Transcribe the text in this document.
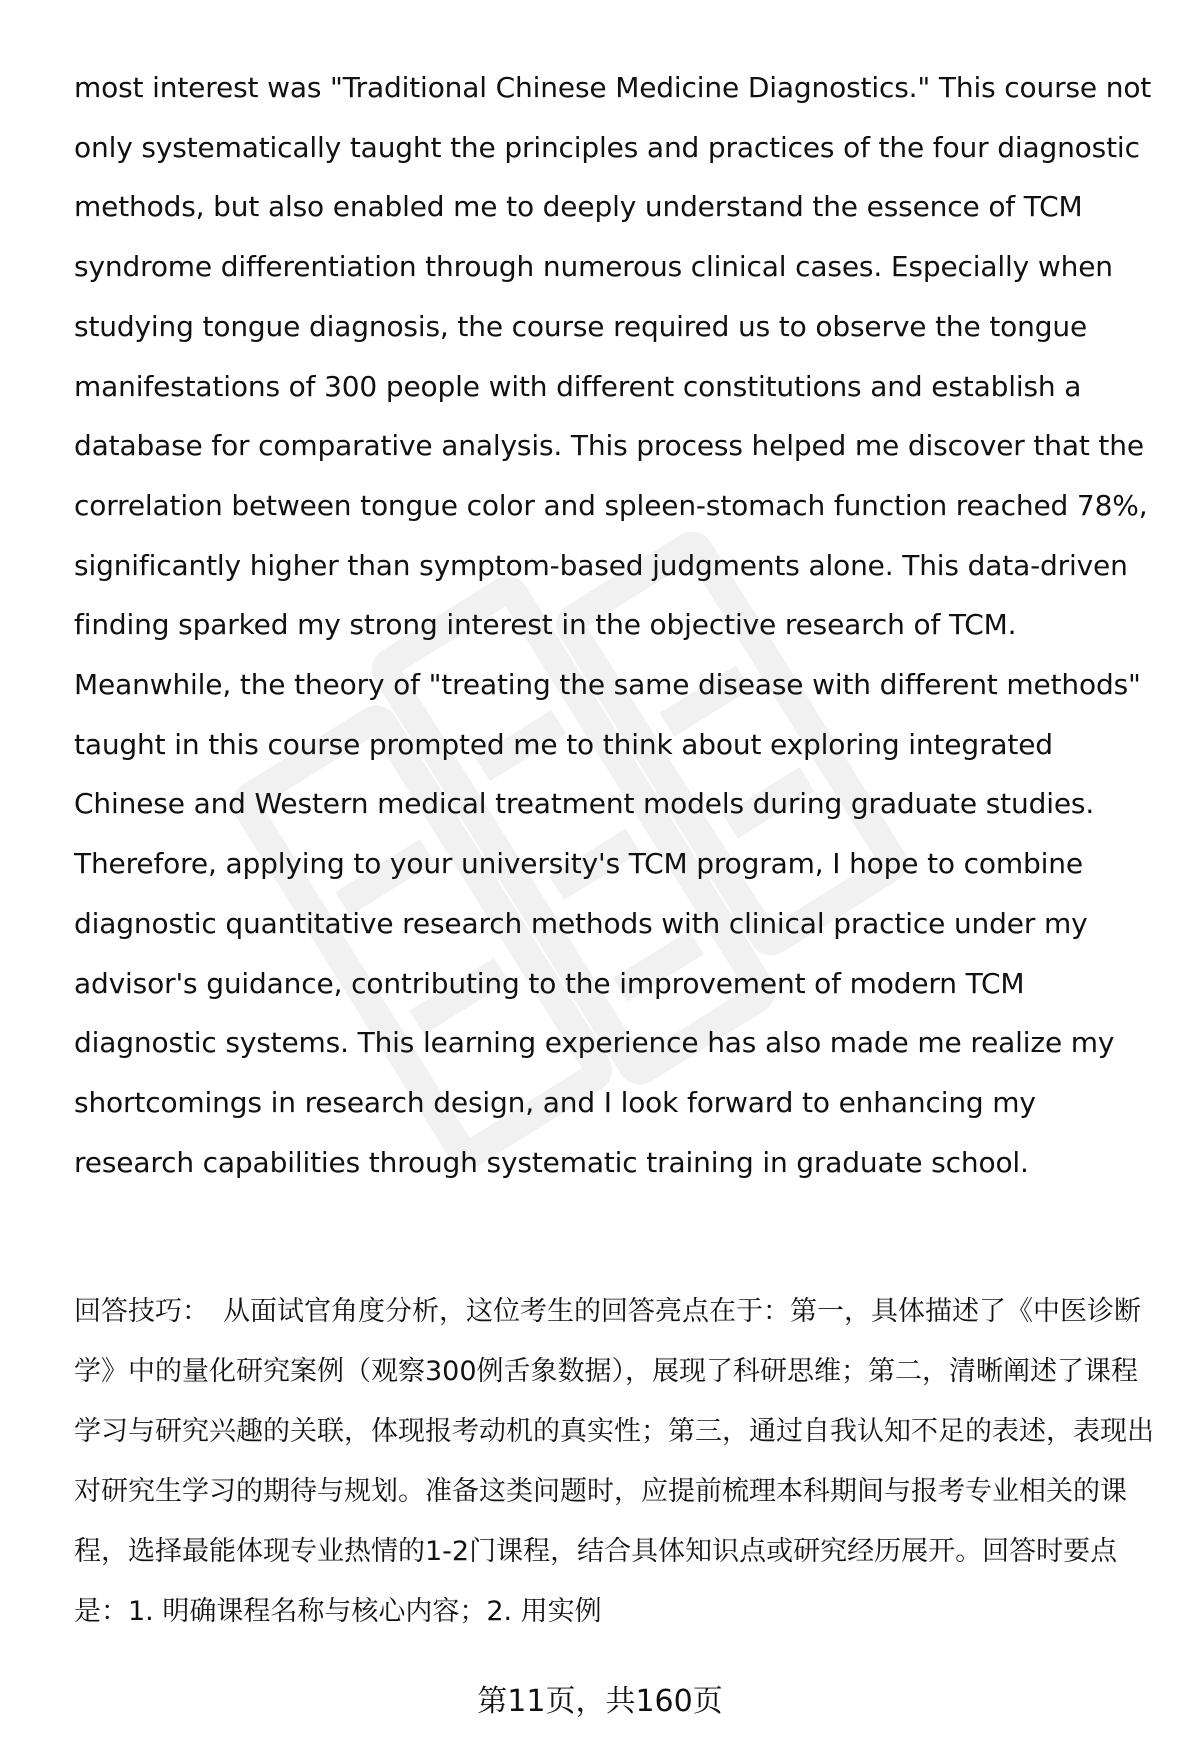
most interest was "Traditional Chinese Medicine Diagnostics." This course not only systematically taught the principles and practices of the four diagnostic methods, but also enabled me to deeply understand the essence of TCM syndrome differentiation through numerous clinical cases. Especially when studying tongue diagnosis, the course required us to observe the tongue manifestations of 300 people with different constitutions and establish a database for comparative analysis. This process helped me discover that the correlation between tongue color and spleen-stomach function reached 78%, significantly higher than symptom-based judgments alone. This data-driven finding sparked my strong interest in the objective research of TCM. Meanwhile, the theory of "treating the same disease with different methods" taught in this course prompted me to think about exploring integrated Chinese and Western medical treatment models during graduate studies. Therefore, applying to your university's TCM program, I hope to combine diagnostic quantitative research methods with clinical practice under my advisor's guidance, contributing to the improvement of modern TCM diagnostic systems. This learning experience has also made me realize my shortcomings in research design, and I look forward to enhancing my research capabilities through systematic training in graduate school.

回答技巧： 从面试官角度分析，这位考生的回答亮点在于：第一，具体描述了《中医诊断学》中的量化研究案例（观察300例舌象数据），展现了科研思维；第二，清晰阐述了课程学习与研究兴趣的关联，体现报考动机的真实性；第三，通过自我认知不足的表述，表现出对研究生学习的期待与规划。准备这类问题时，应提前梳理本科期间与报考专业相关的课程，选择最能体现专业热情的1-2门课程，结合具体知识点或研究经历展开。回答时要点是：1. 明确课程名称与核心内容；2. 用实例

第11页，共160页
